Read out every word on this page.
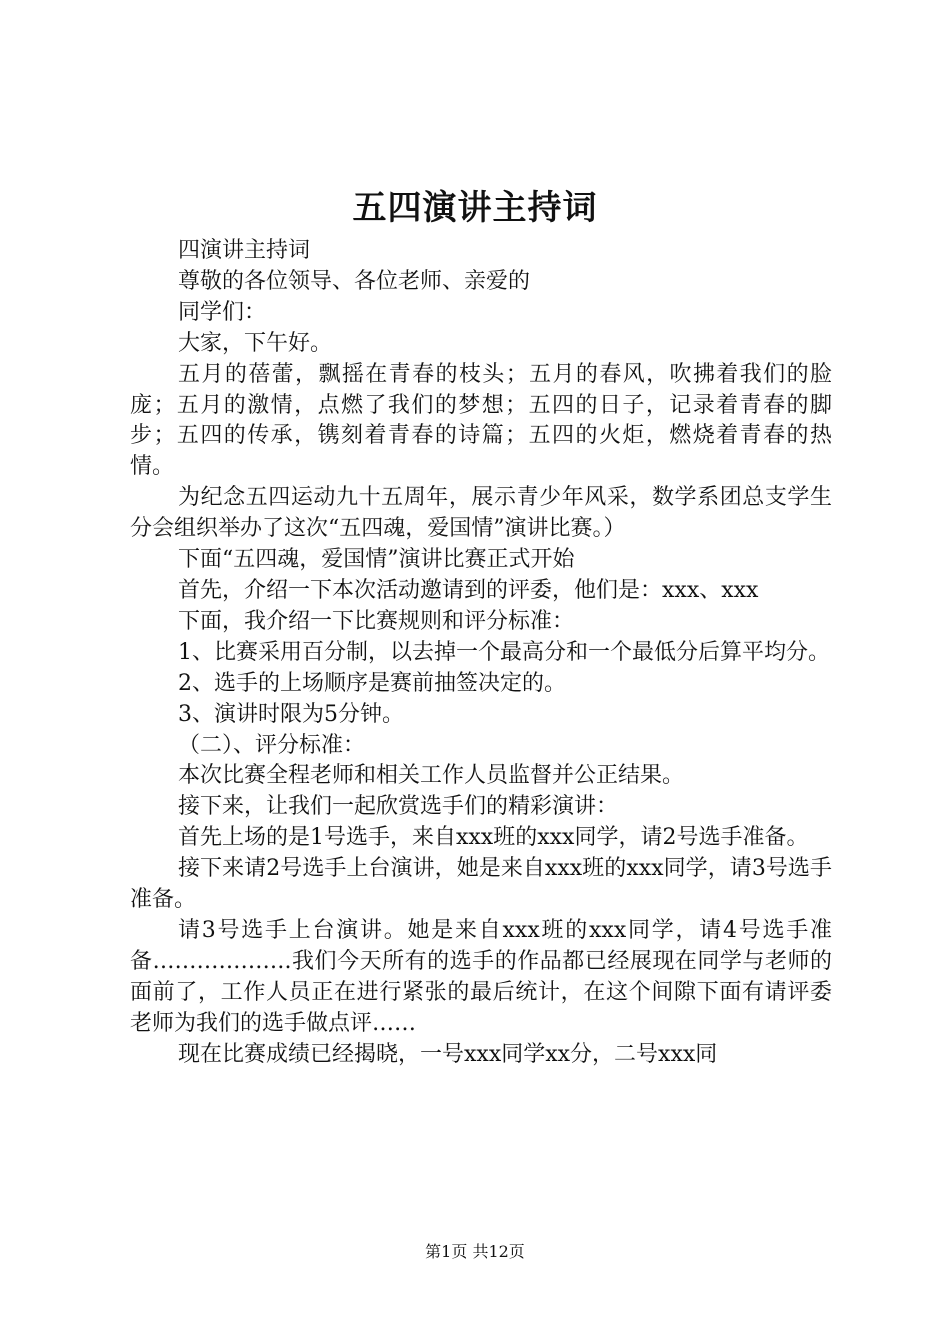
五四演讲主持词

四演讲主持词

尊敬的各位领导、各位老师、亲爱的

同学们：

大家，下午好。

五月的蓓蕾，飘摇在青春的枝头；五月的春风，吹拂着我们的脸庞；五月的激情，点燃了我们的梦想；五四的日子，记录着青春的脚步；五四的传承，镌刻着青春的诗篇；五四的火炬，燃烧着青春的热情。

为纪念五四运动九十五周年，展示青少年风采，数学系团总支学生分会组织举办了这次“五四魂，爱国情”演讲比赛。）

下面“五四魂，爱国情”演讲比赛正式开始

首先，介绍一下本次活动邀请到的评委，他们是：xxx、xxx

下面，我介绍一下比赛规则和评分标准：

1、比赛采用百分制，以去掉一个最高分和一个最低分后算平均分。

2、选手的上场顺序是赛前抽签决定的。

3、演讲时限为5分钟。

（二）、评分标准：

本次比赛全程老师和相关工作人员监督并公正结果。

接下来，让我们一起欣赏选手们的精彩演讲：

首先上场的是1号选手，来自xxx班的xxx同学，请2号选手准备。

接下来请2号选手上台演讲，她是来自xxx班的xxx同学，请3号选手准备。

请3号选手上台演讲。她是来自xxx班的xxx同学，请4号选手准备……………….我们今天所有的选手的作品都已经展现在同学与老师的面前了，工作人员正在进行紧张的最后统计，在这个间隙下面有请评委老师为我们的选手做点评……

现在比赛成绩已经揭晓，一号xxx同学xx分，二号xxx同

第1页 共12页
